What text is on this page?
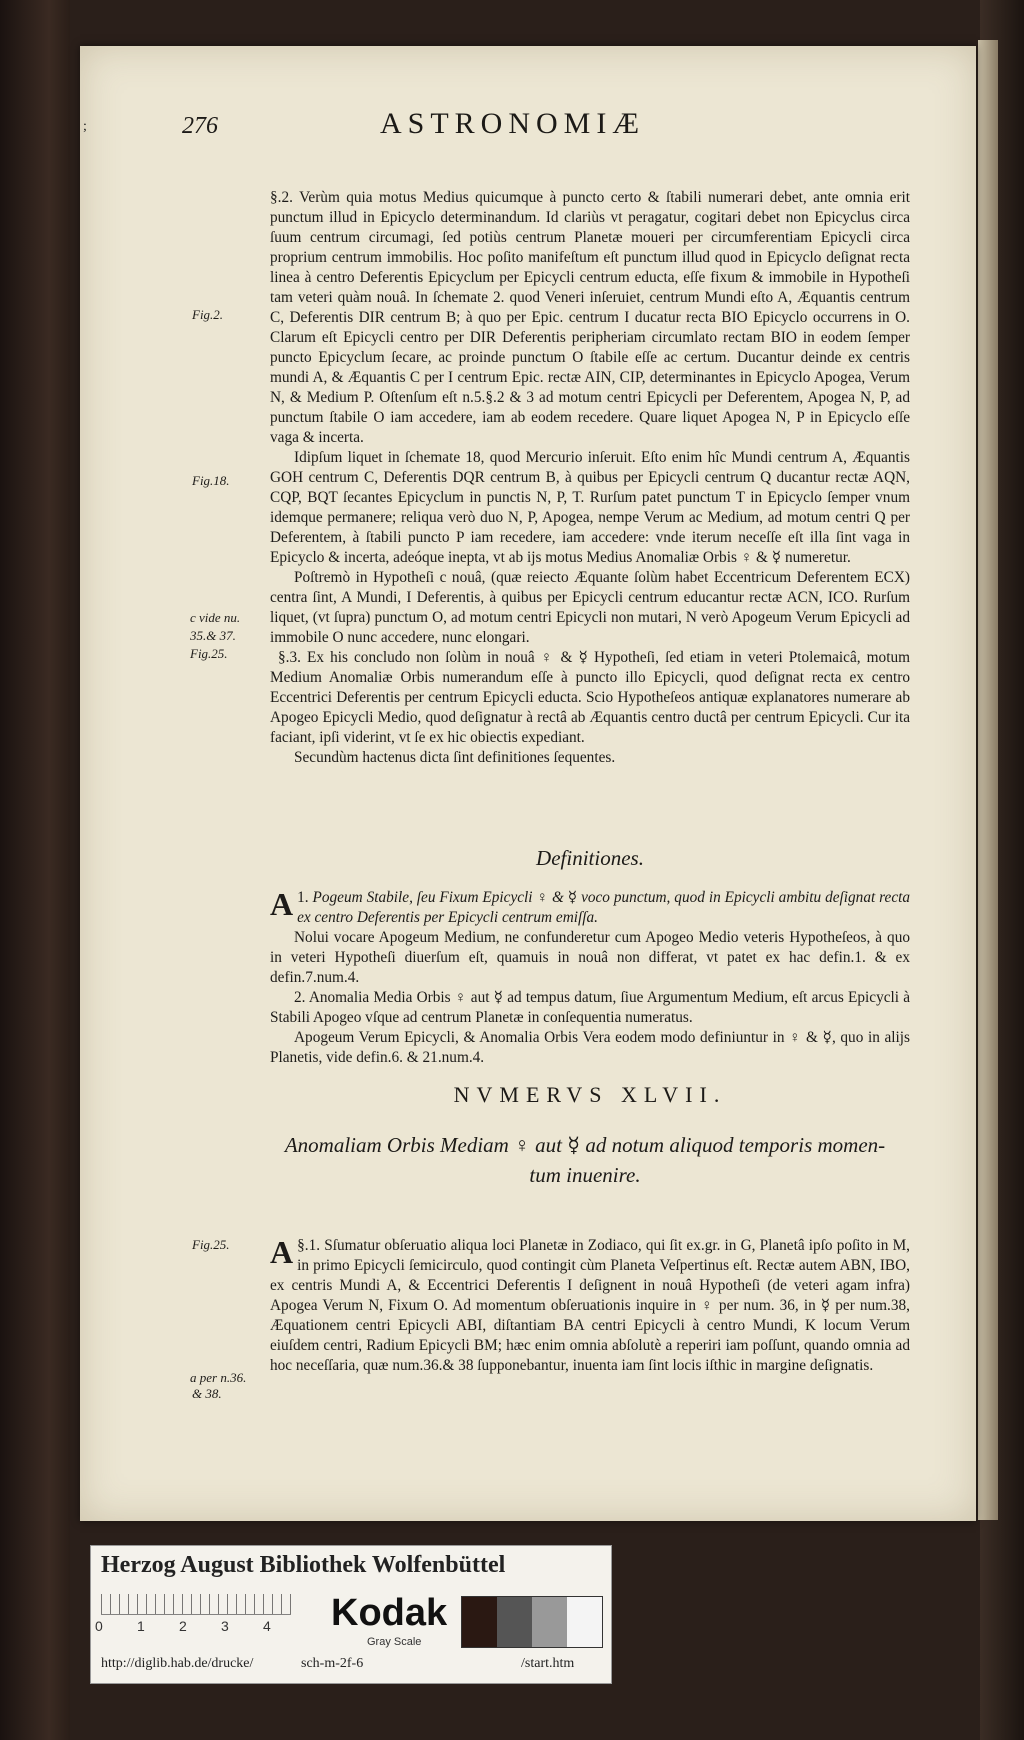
;	276	ASTRONOMIÆ
Fig.2.
Fig.18.
c vide nu.
35.& 37.
Fig.25.
Fig.25.
a per n.36.
& 38.

§.2. Verùm quia motus Medius quicumque à puncto certo & ſtabili numerari debet, ante omnia erit punctum illud in Epicyclo determinandum. Id clariùs vt peragatur, cogitari debet non Epicyclus circa ſuum centrum circumagi, ſed potiùs centrum Planetæ moueri per circumferentiam Epicycli circa proprium centrum immobilis. Hoc poſito manifeſtum eſt punctum illud quod in Epicyclo deſignat recta linea à centro Deferentis Epicyclum per Epicycli centrum educta, eſſe fixum & immobile in Hypotheſi tam veteri quàm nouâ. In ſchemate 2. quod Veneri inſeruiet, centrum Mundi eſto A, Æquantis centrum C, Deferentis DIR centrum B; à quo per Epic. centrum I ducatur recta BIO Epicyclo occurrens in O. Clarum eſt Epicycli centro per DIR Deferentis peripheriam circumlato rectam BIO in eodem ſemper puncto Epicyclum ſecare, ac proinde punctum O ſtabile eſſe ac certum. Ducantur deinde ex centris mundi A, & Æquantis C per I centrum Epic. rectæ AIN, CIP, determinantes in Epicyclo Apogea, Verum N, & Medium P. Oſtenſum eſt n.5.§.2 & 3 ad motum centri Epicycli per Deferentem, Apogea N, P, ad punctum ſtabile O iam accedere, iam ab eodem recedere. Quare liquet Apogea N, P in Epicyclo eſſe vaga & incerta.

Idipſum liquet in ſchemate 18, quod Mercurio inſeruit. Eſto enim hîc Mundi centrum A, Æquantis GOH centrum C, Deferentis DQR centrum B, à quibus per Epicycli centrum Q ducantur rectæ AQN, CQP, BQT ſecantes Epicyclum in punctis N, P, T. Rurſum patet punctum T in Epicyclo ſemper vnum idemque permanere; reliqua verò duo N, P, Apogea, nempe Verum ac Medium, ad motum centri Q per Deferentem, à ſtabili puncto P iam recedere, iam accedere: vnde iterum neceſſe eſt illa ſint vaga in Epicyclo & incerta, adeóque inepta, vt ab ijs motus Medius Anomaliæ Orbis ♀ & ☿ numeretur.

Poſtremò in Hypotheſi c nouâ, (quæ reiecto Æquante ſolùm habet Eccentricum Deferentem ECX) centra ſint, A Mundi, I Deferentis, à quibus per Epicycli centrum educantur rectæ ACN, ICO. Rurſum liquet, (vt ſupra) punctum O, ad motum centri Epicycli non mutari, N verò Apogeum Verum Epicycli ad immobile O nunc accedere, nunc elongari.

§.3. Ex his concludo non ſolùm in nouâ ♀ & ☿ Hypotheſi, ſed etiam in veteri Ptolemaicâ, motum Medium Anomaliæ Orbis numerandum eſſe à puncto illo Epicycli, quod deſignat recta ex centro Eccentrici Deferentis per centrum Epicycli educta. Scio Hypotheſeos antiquæ explanatores numerare ab Apogeo Epicycli Medio, quod deſignatur à rectâ ab Æquantis centro ductâ per centrum Epicycli. Cur ita faciant, ipſi viderint, vt ſe ex hic obiectis expediant.

Secundùm hactenus dicta ſint definitiones ſequentes.

Definitiones.

1.
A Pogeum Stabile, ſeu Fixum Epicycli ♀ & ☿ voco punctum, quod in Epicycli ambitu deſignat recta ex centro Deferentis per Epicycli centrum emiſſa.

Nolui vocare Apogeum Medium, ne confunderetur cum Apogeo Medio veteris Hypotheſeos, à quo in veteri Hypotheſi diuerſum eſt, quamuis in nouâ non differat, vt patet ex hac defin.1. & ex defin.7.num.4.

2. Anomalia Media Orbis ♀ aut ☿ ad tempus datum, ſiue Argumentum Medium, eſt arcus Epicycli à Stabili Apogeo vſque ad centrum Planetæ in conſequentia numeratus.

Apogeum Verum Epicycli, & Anomalia Orbis Vera eodem modo definiuntur in ♀ & ☿, quo in alijs Planetis, vide defin.6. & 21.num.4.

NVMERVS XLVII.
Anomaliam Orbis Mediam ♀ aut ☿ ad notum aliquod temporis momen-
tum inuenire.

§.1.
A Sſumatur obſeruatio aliqua loci Planetæ in Zodiaco, qui ſit ex.gr. in G, Planetâ ipſo poſito in M, in primo Epicycli ſemicirculo, quod contingit cùm Planeta Veſpertinus eſt. Rectæ autem ABN, IBO, ex centris Mundi A, & Eccentrici Deferentis I deſignent in nouâ Hypotheſi (de veteri agam infra) Apogea Verum N, Fixum O. Ad momentum obſeruationis inquire in ♀ per num. 36, in ☿ per num.38, Æquationem centri Epicycli ABI, diſtantiam BA centri Epicycli à centro Mundi, K locum Verum eiuſdem centri, Radium Epicycli BM; hæc enim omnia abſolutè a reperiri iam poſſunt, quando omnia ad hoc neceſſaria, quæ num.36.& 38 ſupponebantur, inuenta iam ſint locis iſthic in margine deſignatis.

Herzog August Bibliothek Wolfenbüttel
0 1 2 3 4	Kodak
Gray Scale
http://diglib.hab.de/drucke/	sch-m-2f-6	/start.htm
